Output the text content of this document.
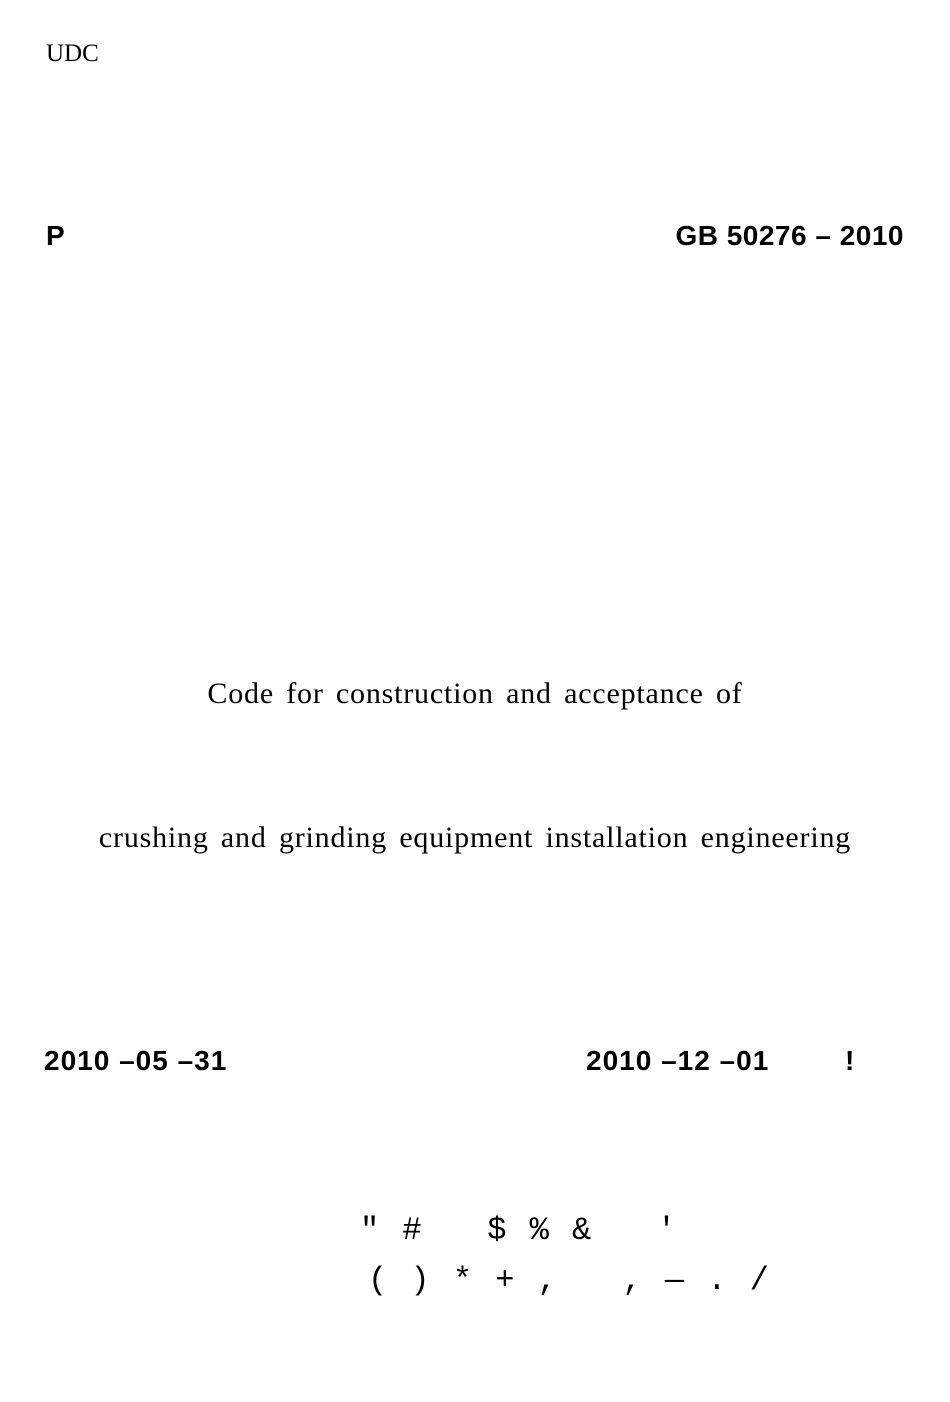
UDC
P	GB 50276 – 2010

Code for construction and acceptance of

crushing and grinding equipment installation engineering

2010 –05 –31	2010 –12 –01	!
" #   $ % &   ′
( ) * + ,   , — . /
